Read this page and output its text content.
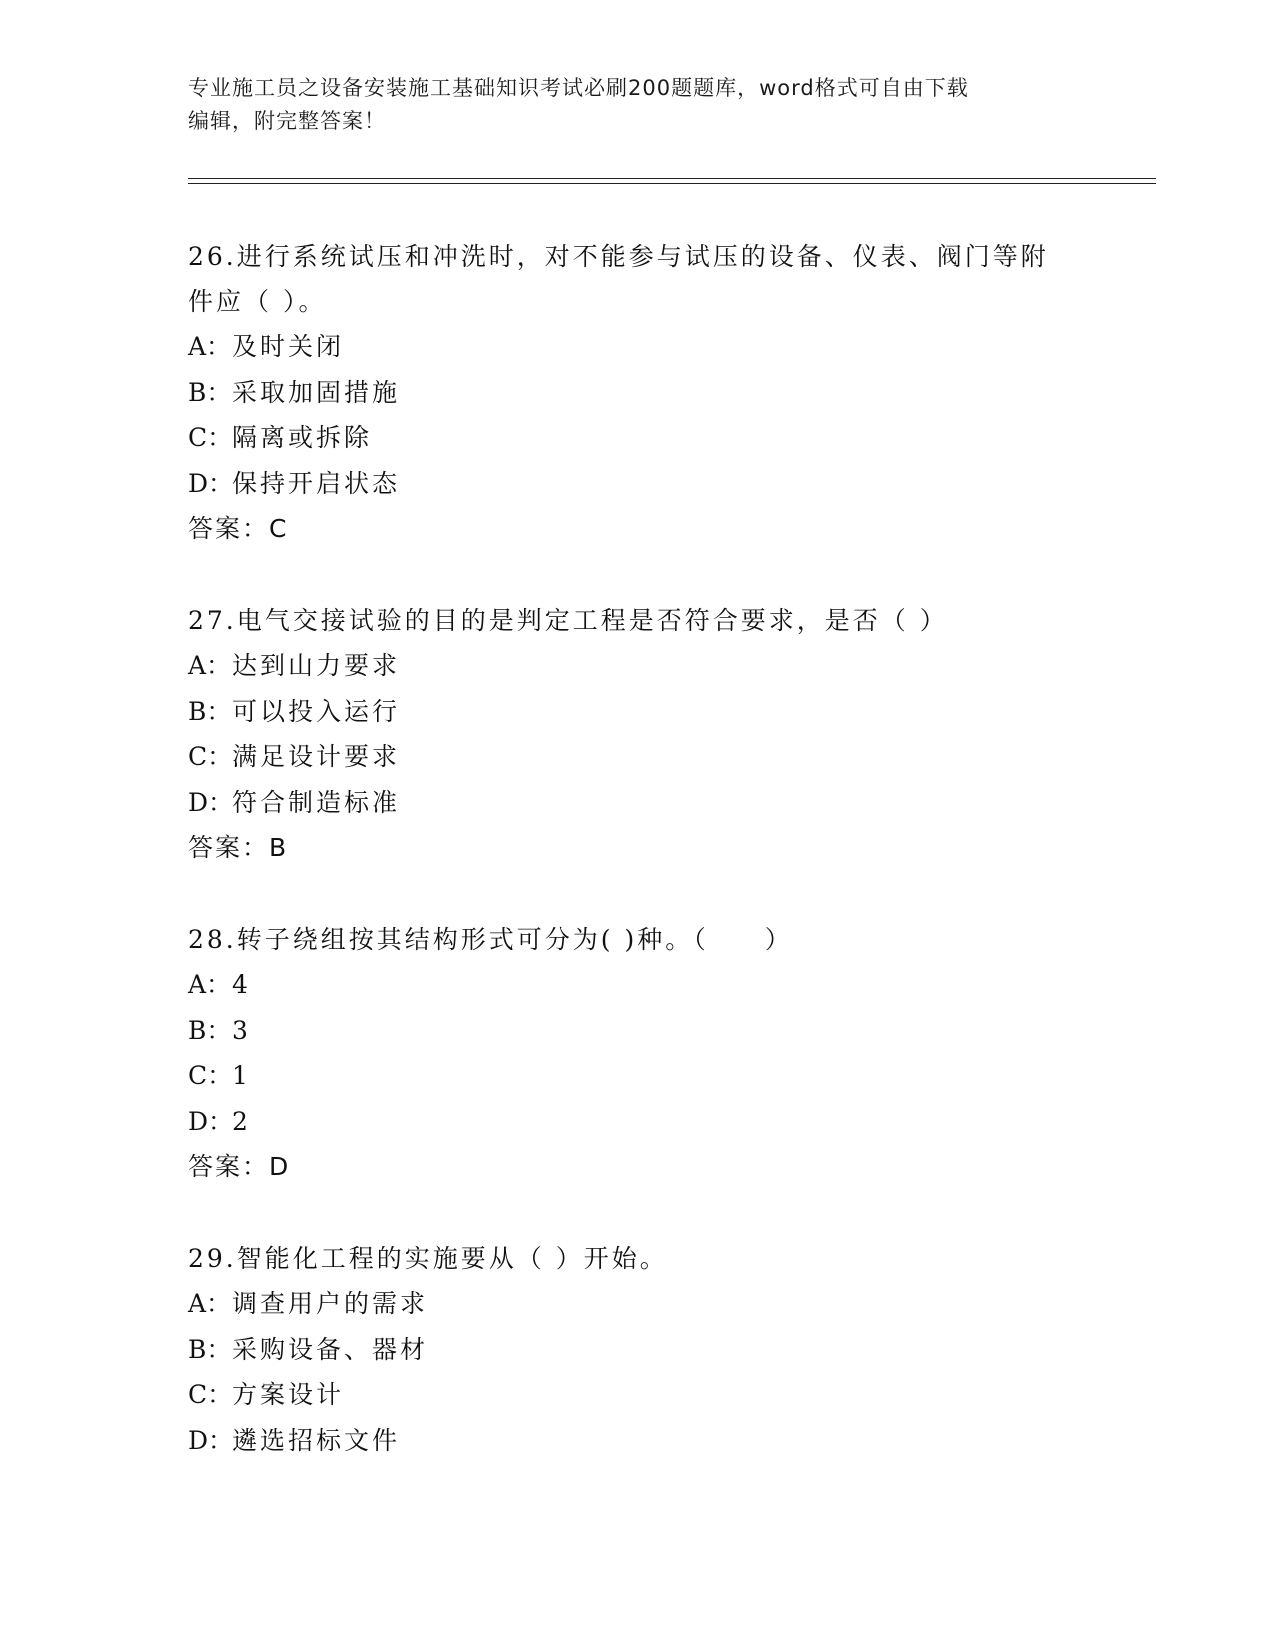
专业施工员之设备安装施工基础知识考试必刷200题题库，word格式可自由下载
编辑，附完整答案！

26.进行系统试压和冲洗时，对不能参与试压的设备、仪表、阀门等附
件应（ ）。

A：及时关闭

B：采取加固措施

C：隔离或拆除

D：保持开启状态

答案：C

27.电气交接试验的目的是判定工程是否符合要求，是否（ ）

A：达到山力要求

B：可以投入运行

C：满足设计要求

D：符合制造标准

答案：B

28.转子绕组按其结构形式可分为( )种。（　　）

A：4

B：3

C：1

D：2

答案：D

29.智能化工程的实施要从（ ）开始。

A：调查用户的需求

B：采购设备、器材

C：方案设计

D：遴选招标文件
